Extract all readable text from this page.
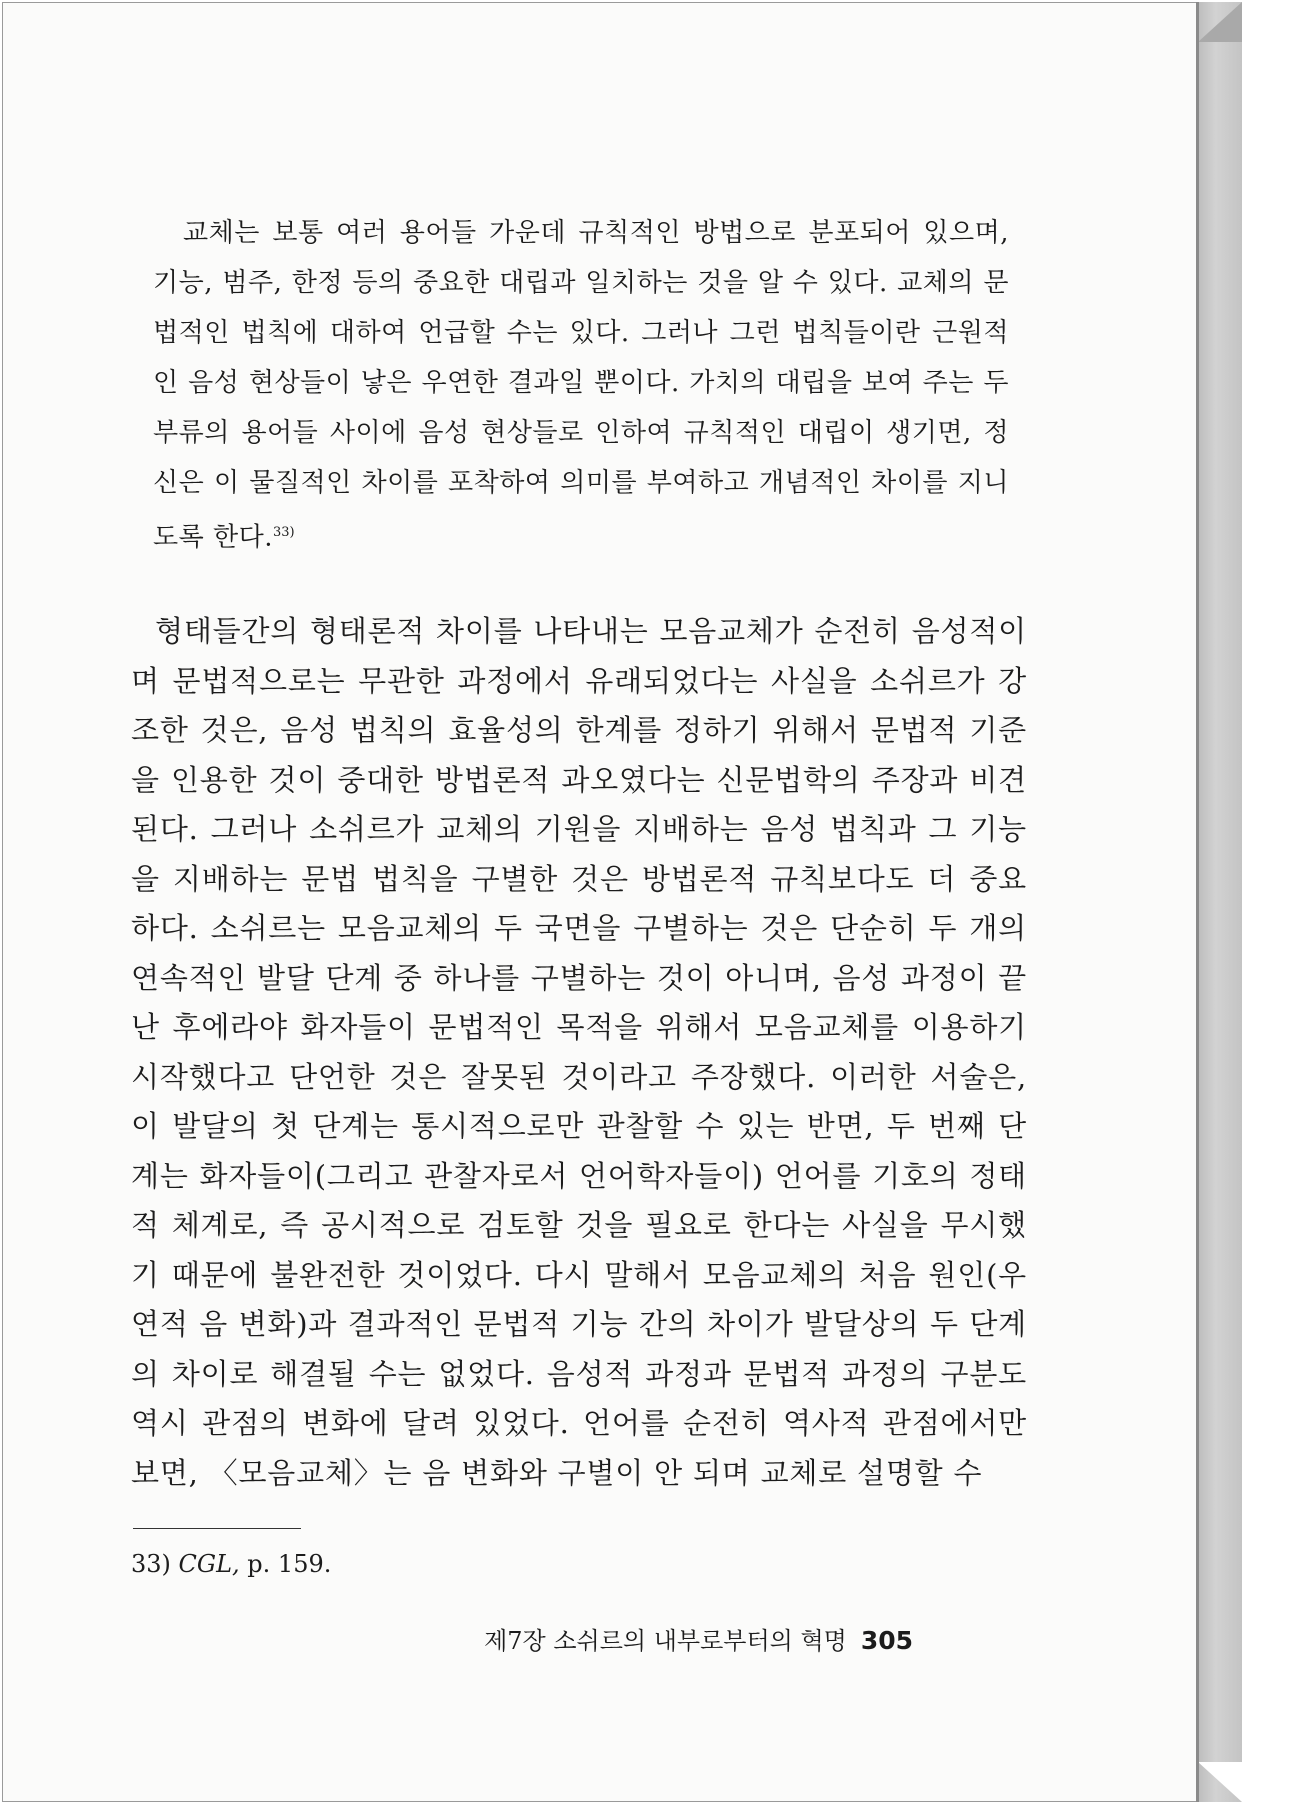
교체는 보통 여러 용어들 가운데 규칙적인 방법으로 분포되어 있으며, 기능, 범주, 한정 등의 중요한 대립과 일치하는 것을 알 수 있다. 교체의 문법적인 법칙에 대하여 언급할 수는 있다. 그러나 그런 법칙들이란 근원적인 음성 현상들이 낳은 우연한 결과일 뿐이다. 가치의 대립을 보여 주는 두 부류의 용어들 사이에 음성 현상들로 인하여 규칙적인 대립이 생기면, 정신은 이 물질적인 차이를 포착하여 의미를 부여하고 개념적인 차이를 지니도록 한다.$^{33)}$
형태들간의 형태론적 차이를 나타내는 모음교체가 순전히 음성적이며 문법적으로는 무관한 과정에서 유래되었다는 사실을 소쉬르가 강조한 것은, 음성 법칙의 효율성의 한계를 정하기 위해서 문법적 기준을 인용한 것이 중대한 방법론적 과오였다는 신문법학의 주장과 비견된다. 그러나 소쉬르가 교체의 기원을 지배하는 음성 법칙과 그 기능을 지배하는 문법 법칙을 구별한 것은 방법론적 규칙보다도 더 중요하다. 소쉬르는 모음교체의 두 국면을 구별하는 것은 단순히 두 개의 연속적인 발달 단계 중 하나를 구별하는 것이 아니며, 음성 과정이 끝난 후에라야 화자들이 문법적인 목적을 위해서 모음교체를 이용하기 시작했다고 단언한 것은 잘못된 것이라고 주장했다. 이러한 서술은, 이 발달의 첫 단계는 통시적으로만 관찰할 수 있는 반면, 두 번째 단계는 화자들이(그리고 관찰자로서 언어학자들이) 언어를 기호의 정태적 체계로, 즉 공시적으로 검토할 것을 필요로 한다는 사실을 무시했기 때문에 불완전한 것이었다. 다시 말해서 모음교체의 처음 원인(우연적 음 변화)과 결과적인 문법적 기능 간의 차이가 발달상의 두 단계의 차이로 해결될 수는 없었다. 음성적 과정과 문법적 과정의 구분도 역시 관점의 변화에 달려 있었다. 언어를 순전히 역사적 관점에서만 보면, 〈모음교체〉는 음 변화와 구별이 안 되며 교체로 설명할 수
33) CGL, p. 159.
제7장 소쉬르의 내부로부터의 혁명 305
